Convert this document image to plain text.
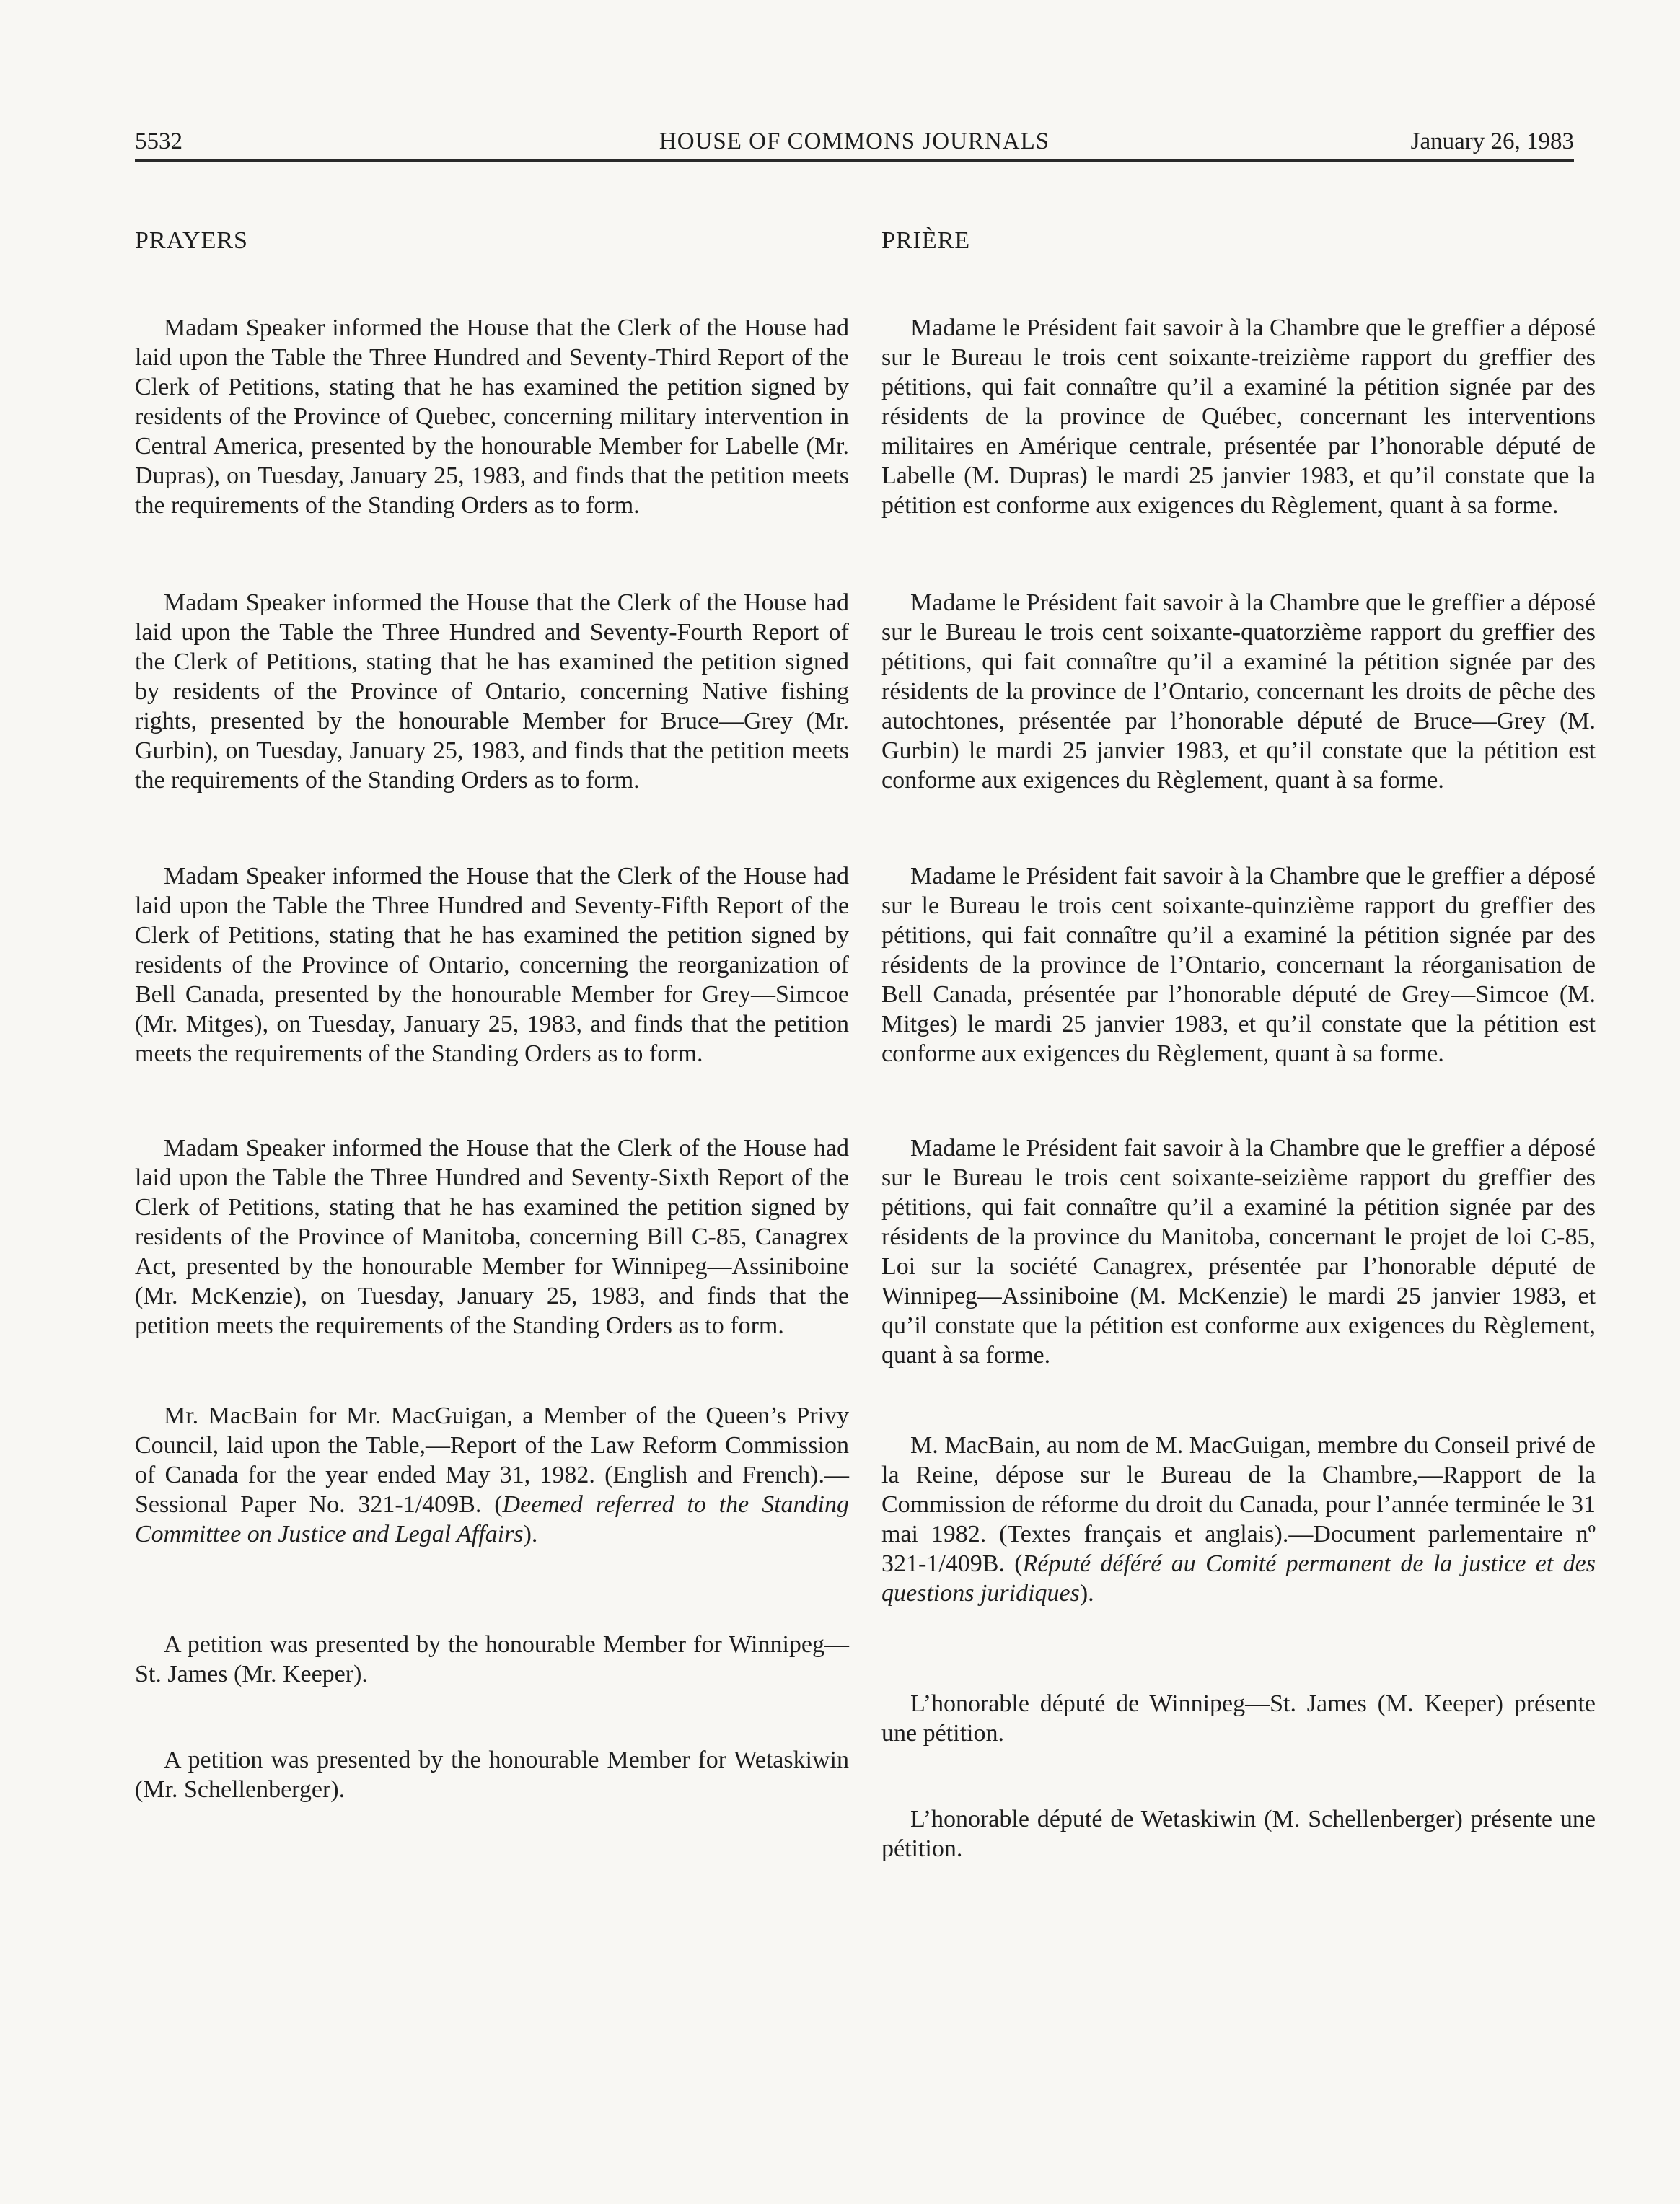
HOUSE OF COMMONS JOURNALS
5532	January 26, 1983
PRAYERS

Madam Speaker informed the House that the Clerk of the House had laid upon the Table the Three Hundred and Seventy-Third Report of the Clerk of Petitions, stating that he has examined the petition signed by residents of the Province of Quebec, concerning military intervention in Central America, presented by the honourable Member for Labelle (Mr. Dupras), on Tuesday, January 25, 1983, and finds that the petition meets the requirements of the Standing Orders as to form.

Madam Speaker informed the House that the Clerk of the House had laid upon the Table the Three Hundred and Seventy-Fourth Report of the Clerk of Petitions, stating that he has examined the petition signed by residents of the Province of Ontario, concerning Native fishing rights, presented by the honourable Member for Bruce—Grey (Mr. Gurbin), on Tuesday, January 25, 1983, and finds that the petition meets the requirements of the Standing Orders as to form.

Madam Speaker informed the House that the Clerk of the House had laid upon the Table the Three Hundred and Seventy-Fifth Report of the Clerk of Petitions, stating that he has examined the petition signed by residents of the Province of Ontario, concerning the reorganization of Bell Canada, presented by the honourable Member for Grey—Simcoe (Mr. Mitges), on Tuesday, January 25, 1983, and finds that the petition meets the requirements of the Standing Orders as to form.

Madam Speaker informed the House that the Clerk of the House had laid upon the Table the Three Hundred and Seventy-Sixth Report of the Clerk of Petitions, stating that he has examined the petition signed by residents of the Province of Manitoba, concerning Bill C-85, Canagrex Act, presented by the honourable Member for Winnipeg—Assiniboine (Mr. McKenzie), on Tuesday, January 25, 1983, and finds that the petition meets the requirements of the Standing Orders as to form.

Mr. MacBain for Mr. MacGuigan, a Member of the Queen’s Privy Council, laid upon the Table,—Report of the Law Reform Commission of Canada for the year ended May 31, 1982. (English and French).—Sessional Paper No. 321-1/409B. (Deemed referred to the Standing Committee on Justice and Legal Affairs).

A petition was presented by the honourable Member for Winnipeg—St. James (Mr. Keeper).

A petition was presented by the honourable Member for Wetaskiwin (Mr. Schellenberger).

PRIÈRE

Madame le Président fait savoir à la Chambre que le greffier a déposé sur le Bureau le trois cent soixante-treizième rapport du greffier des pétitions, qui fait connaître qu’il a examiné la pétition signée par des résidents de la province de Québec, concernant les interventions militaires en Amérique centrale, présentée par l’honorable député de Labelle (M. Dupras) le mardi 25 janvier 1983, et qu’il constate que la pétition est conforme aux exigences du Règlement, quant à sa forme.

Madame le Président fait savoir à la Chambre que le greffier a déposé sur le Bureau le trois cent soixante-quatorzième rapport du greffier des pétitions, qui fait connaître qu’il a examiné la pétition signée par des résidents de la province de l’Ontario, concernant les droits de pêche des autochtones, présentée par l’honorable député de Bruce—Grey (M. Gurbin) le mardi 25 janvier 1983, et qu’il constate que la pétition est conforme aux exigences du Règlement, quant à sa forme.

Madame le Président fait savoir à la Chambre que le greffier a déposé sur le Bureau le trois cent soixante-quinzième rapport du greffier des pétitions, qui fait connaître qu’il a examiné la pétition signée par des résidents de la province de l’Ontario, concernant la réorganisation de Bell Canada, présentée par l’honorable député de Grey—Simcoe (M. Mitges) le mardi 25 janvier 1983, et qu’il constate que la pétition est conforme aux exigences du Règlement, quant à sa forme.

Madame le Président fait savoir à la Chambre que le greffier a déposé sur le Bureau le trois cent soixante-seizième rapport du greffier des pétitions, qui fait connaître qu’il a examiné la pétition signée par des résidents de la province du Manitoba, concernant le projet de loi C-85, Loi sur la société Canagrex, présentée par l’honorable député de Winnipeg—Assiniboine (M. McKenzie) le mardi 25 janvier 1983, et qu’il constate que la pétition est conforme aux exigences du Règlement, quant à sa forme.

M. MacBain, au nom de M. MacGuigan, membre du Conseil privé de la Reine, dépose sur le Bureau de la Chambre,—Rapport de la Commission de réforme du droit du Canada, pour l’année terminée le 31 mai 1982. (Textes français et anglais).—Document parlementaire nº 321-1/409B. (Réputé déféré au Comité permanent de la justice et des questions juridiques).

L’honorable député de Winnipeg—St. James (M. Keeper) présente une pétition.

L’honorable député de Wetaskiwin (M. Schellenberger) présente une pétition.
